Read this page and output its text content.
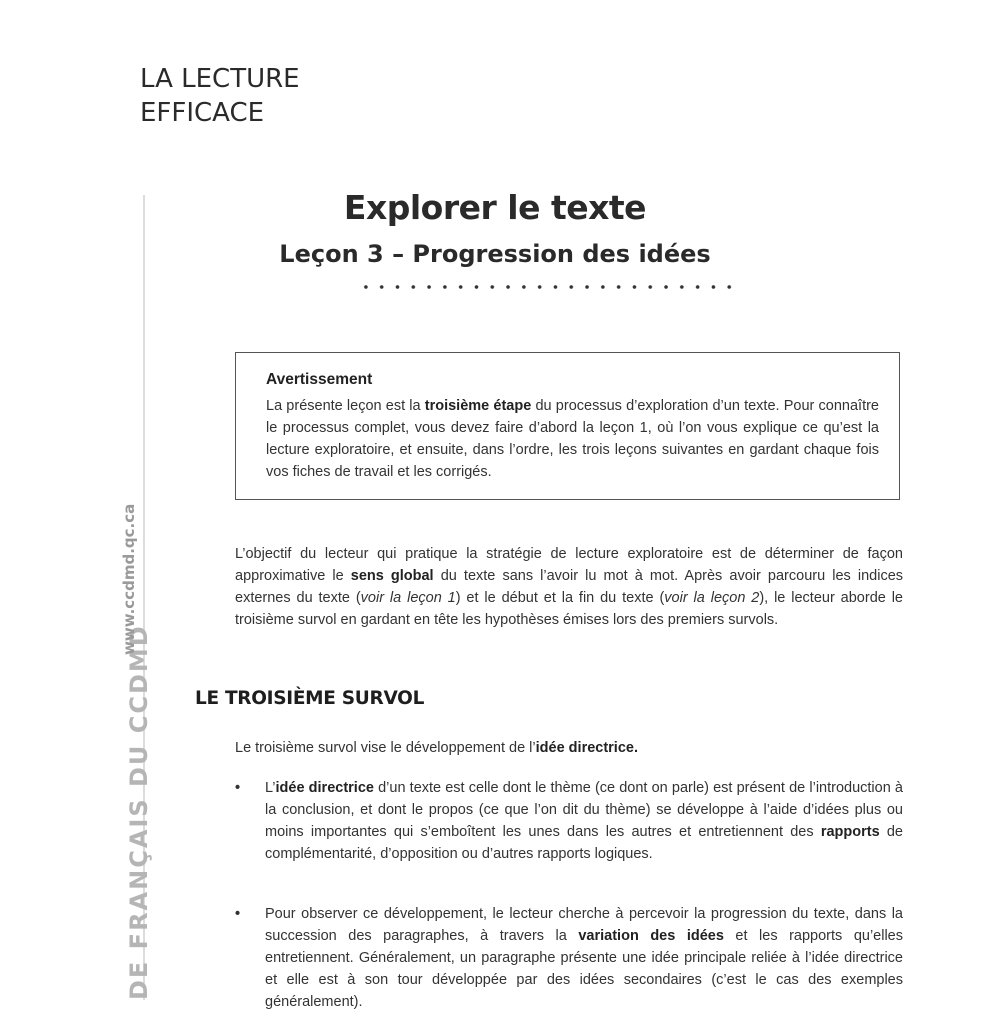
LA LECTURE
EFFICACE
DE FRANÇAIS DU CCDMD
www.ccdmd.qc.ca
Explorer le texte
Leçon 3 – Progression des idées
Avertissement
La présente leçon est la troisième étape du processus d’exploration d’un texte. Pour connaître le processus complet, vous devez faire d’abord la leçon 1, où l’on vous explique ce qu’est la lecture exploratoire, et ensuite, dans l’ordre, les trois leçons suivantes en gardant chaque fois vos fiches de travail et les corrigés.
L’objectif du lecteur qui pratique la stratégie de lecture exploratoire est de déterminer de façon approximative le sens global du texte sans l’avoir lu mot à mot. Après avoir parcouru les indices externes du texte (voir la leçon 1) et le début et la fin du texte (voir la leçon 2), le lecteur aborde le troisième survol en gardant en tête les hypothèses émises lors des premiers survols.
LE TROISIÈME SURVOL
Le troisième survol vise le développement de l’idée directrice.
•	L’idée directrice d’un texte est celle dont le thème (ce dont on parle) est présent de l’introduction à la conclusion, et dont le propos (ce que l’on dit du thème) se développe à l’aide d’idées plus ou moins importantes qui s’emboîtent les unes dans les autres et entretiennent des rapports de complémentarité, d’opposition ou d’autres rapports logiques.
•	Pour observer ce développement, le lecteur cherche à percevoir la progression du texte, dans la succession des paragraphes, à travers la variation des idées et les rapports qu’elles entretiennent. Généralement, un paragraphe présente une idée principale reliée à l’idée directrice et elle est à son tour développée par des idées secondaires (c’est le cas des exemples généralement).
